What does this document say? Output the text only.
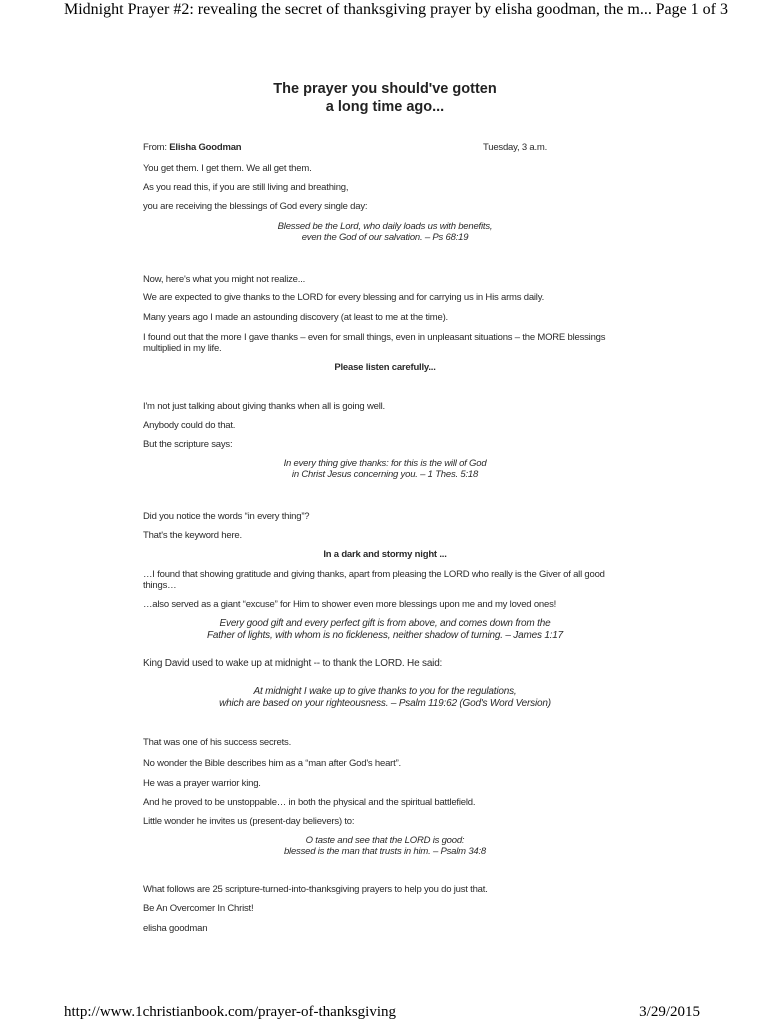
Midnight Prayer #2: revealing the secret of thanksgiving prayer by elisha goodman, the m... Page 1 of 3
The prayer you should've gotten
a long time ago...
From: Elisha Goodman	Tuesday, 3 a.m.
You get them. I get them. We all get them.
As you read this, if you are still living and breathing,
you are receiving the blessings of God every single day:
Blessed be the Lord, who daily loads us with benefits,
even the God of our salvation. – Ps 68:19
Now, here's what you might not realize...
We are expected to give thanks to the LORD for every blessing and for carrying us in His arms daily.
Many years ago I made an astounding discovery (at least to me at the time).
I found out that the more I gave thanks – even for small things, even in unpleasant situations – the MORE blessings multiplied in my life.
Please listen carefully...
I'm not just talking about giving thanks when all is going well.
Anybody could do that.
But the scripture says:
In every thing give thanks: for this is the will of God
in Christ Jesus concerning you. – 1 Thes. 5:18
Did you notice the words “in every thing”?
That's the keyword here.
In a dark and stormy night ...
…I found that showing gratitude and giving thanks, apart from pleasing the LORD who really is the Giver of all good things…
…also served as a giant “excuse” for Him to shower even more blessings upon me and my loved ones!
Every good gift and every perfect gift is from above, and comes down from the
Father of lights, with whom is no fickleness, neither shadow of turning. – James 1:17
King David used to wake up at midnight -- to thank the LORD. He said:
At midnight I wake up to give thanks to you for the regulations,
which are based on your righteousness. – Psalm 119:62 (God's Word Version)
That was one of his success secrets.
No wonder the Bible describes him as a “man after God's heart”.
He was a prayer warrior king.
And he proved to be unstoppable… in both the physical and the spiritual battlefield.
Little wonder he invites us (present-day believers) to:
O taste and see that the LORD is good:
blessed is the man that trusts in him. – Psalm 34:8
What follows are 25 scripture-turned-into-thanksgiving prayers to help you do just that.
Be An Overcomer In Christ!
elisha goodman
http://www.1christianbook.com/prayer-of-thanksgiving	3/29/2015
